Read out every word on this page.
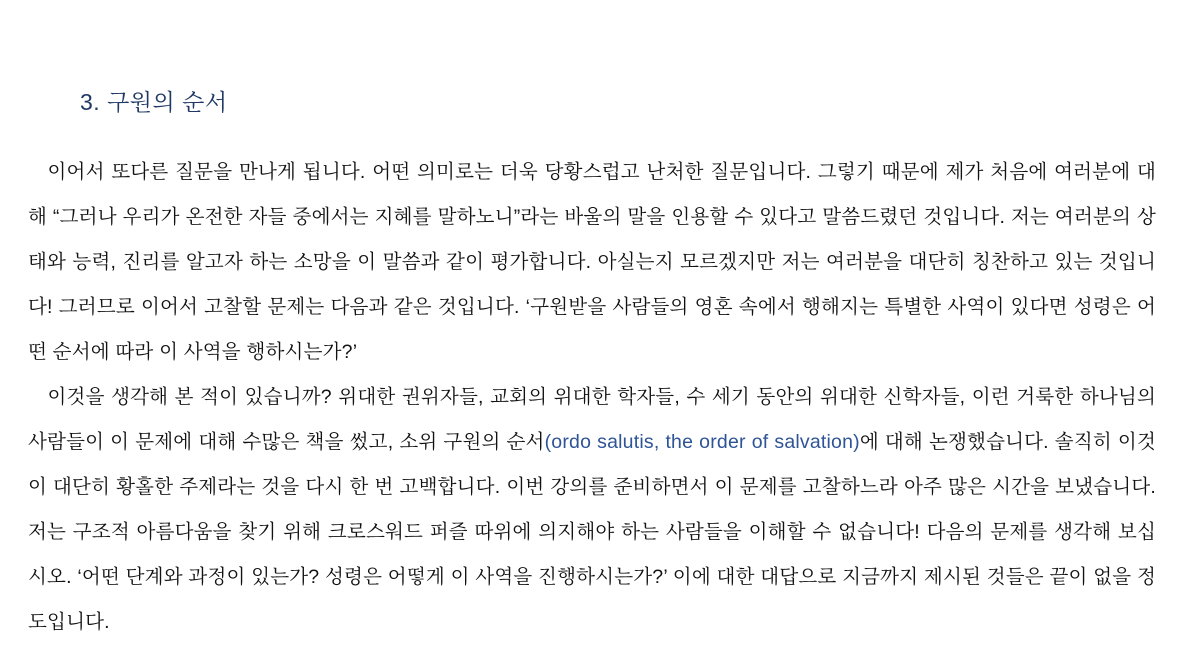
3. 구원의 순서

이어서 또다른 질문을 만나게 됩니다. 어떤 의미로는 더욱 당황스럽고 난처한 질문입니다. 그렇기 때문에 제가 처음에 여러분에 대해 “그러나 우리가 온전한 자들 중에서는 지혜를 말하노니”라는 바울의 말을 인용할 수 있다고 말씀드렸던 것입니다. 저는 여러분의 상태와 능력, 진리를 알고자 하는 소망을 이 말씀과 같이 평가합니다. 아실는지 모르겠지만 저는 여러분을 대단히 칭찬하고 있는 것입니다! 그러므로 이어서 고찰할 문제는 다음과 같은 것입니다. ‘구원받을 사람들의 영혼 속에서 행해지는 특별한 사역이 있다면 성령은 어떤 순서에 따라 이 사역을 행하시는가?’

이것을 생각해 본 적이 있습니까? 위대한 권위자들, 교회의 위대한 학자들, 수 세기 동안의 위대한 신학자들, 이런 거룩한 하나님의 사람들이 이 문제에 대해 수많은 책을 썼고, 소위 구원의 순서(ordo salutis, the order of salvation)에 대해 논쟁했습니다. 솔직히 이것이 대단히 황홀한 주제라는 것을 다시 한 번 고백합니다. 이번 강의를 준비하면서 이 문제를 고찰하느라 아주 많은 시간을 보냈습니다. 저는 구조적 아름다움을 찾기 위해 크로스워드 퍼즐 따위에 의지해야 하는 사람들을 이해할 수 없습니다! 다음의 문제를 생각해 보십시오. ‘어떤 단계와 과정이 있는가? 성령은 어떻게 이 사역을 진행하시는가?’ 이에 대한 대답으로 지금까지 제시된 것들은 끝이 없을 정도입니다.
